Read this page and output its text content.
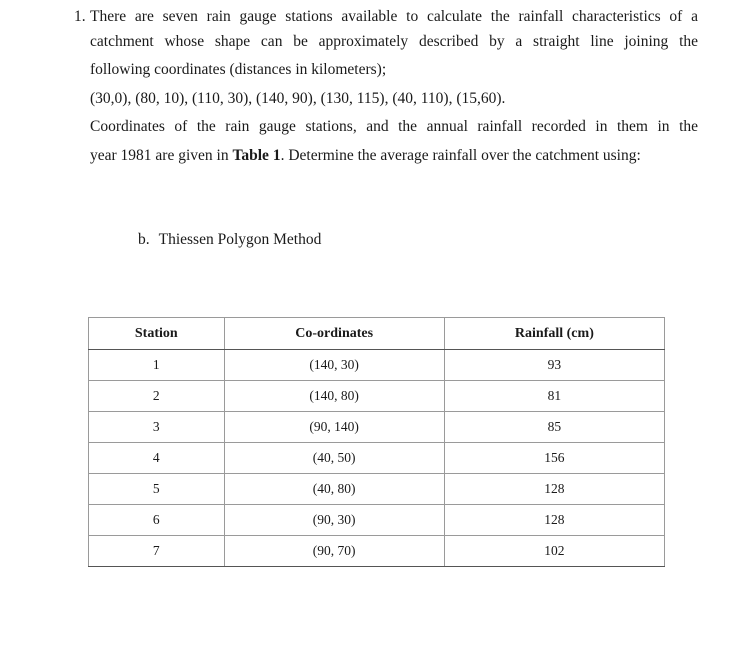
1. There are seven rain gauge stations available to calculate the rainfall characteristics of a
catchment whose shape can be approximately described by a straight line joining the
following coordinates (distances in kilometers);
(30,0), (80, 10), (110, 30), (140, 90), (130, 115), (40, 110), (15,60).
Coordinates of the rain gauge stations, and the annual rainfall recorded in them in the
year 1981 are given in Table 1. Determine the average rainfall over the catchment using:
b. Thiessen Polygon Method
Station	Co-ordinates	Rainfall (cm)
1	(140, 30)	93
2	(140, 80)	81
3	(90, 140)	85
4	(40, 50)	156
5	(40, 80)	128
6	(90, 30)	128
7	(90, 70)	102
